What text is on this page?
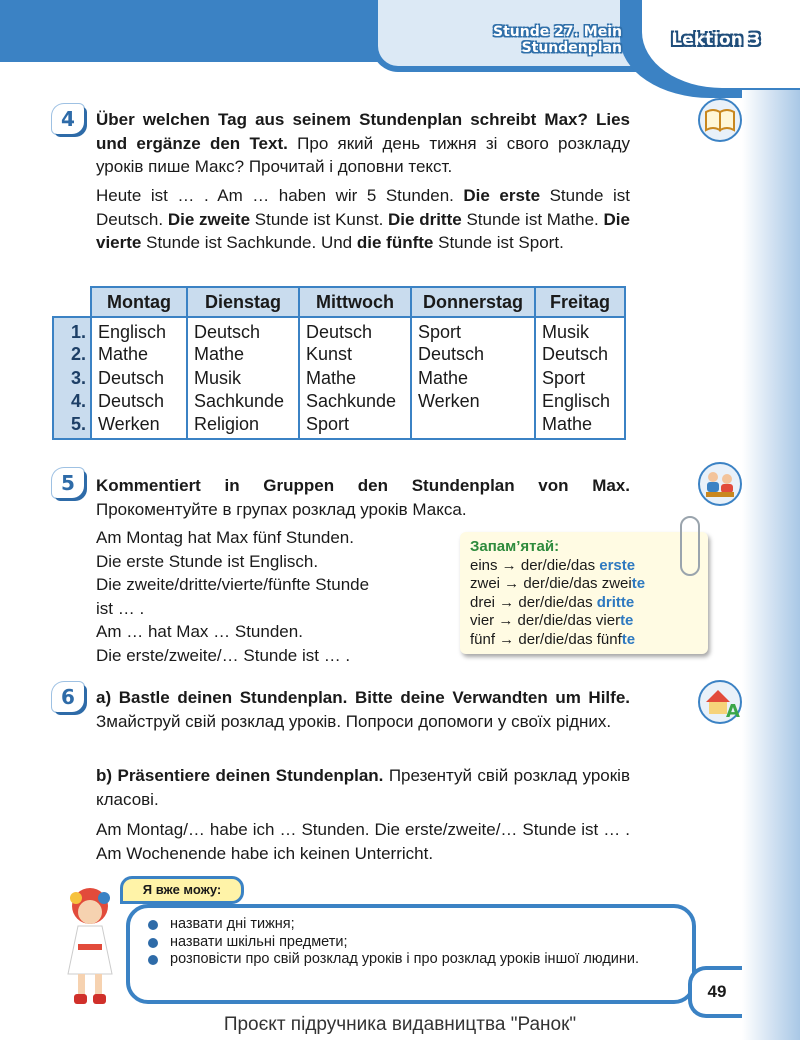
Stunde 27. Mein Stundenplan	Lektion 3
4	Über welchen Tag aus seinem Stundenplan schreibt Max? Lies und ergänze den Text. Про який день тижня зі свого розкладу уроків пише Макс? Прочитай і доповни текст.
Heute ist … . Am … haben wir 5 Stunden. Die erste Stunde ist Deutsch. Die zweite Stunde ist Kunst. Die dritte Stunde ist Mathe. Die vierte Stunde ist Sachkunde. Und die fünfte Stunde ist Sport.
	Montag	Dienstag	Mittwoch	Donnerstag	Freitag
1.	Englisch	Deutsch	Deutsch	Sport	Musik
2.	Mathe	Mathe	Kunst	Deutsch	Deutsch
3.	Deutsch	Musik	Mathe	Mathe	Sport
4.	Deutsch	Sachkunde	Sachkunde	Werken	Englisch
5.	Werken	Religion	Sport		Mathe
5	Kommentiert in Gruppen den Stundenplan von Max. Прокоментуйте в групах розклад уроків Макса.
Am Montag hat Max fünf Stunden.
Die erste Stunde ist Englisch.
Die zweite/dritte/vierte/fünfte Stunde
ist … .
Am … hat Max … Stunden.
Die erste/zweite/… Stunde ist … .
Запам’ятай:
eins → der/die/das erste
zwei → der/die/das zweite
drei → der/die/das dritte
vier → der/die/das vierte
fünf → der/die/das fünfte
6	a) Bastle deinen Stundenplan. Bitte deine Verwandten um Hilfe. Змайструй свій розклад уроків. Попроси допомоги у своїх рідних.
b) Präsentiere deinen Stundenplan. Презентуй свій розклад уроків класові.
Am Montag/… habe ich … Stunden. Die erste/zweite/… Stunde ist … . Am Wochenende habe ich keinen Unterricht.
A
Я вже можу:
назвати дні тижня;
назвати шкільні предмети;
розповісти про свій розклад уроків і про розклад уроків іншої людини.
49
Проєкт підручника видавництва "Ранок"
